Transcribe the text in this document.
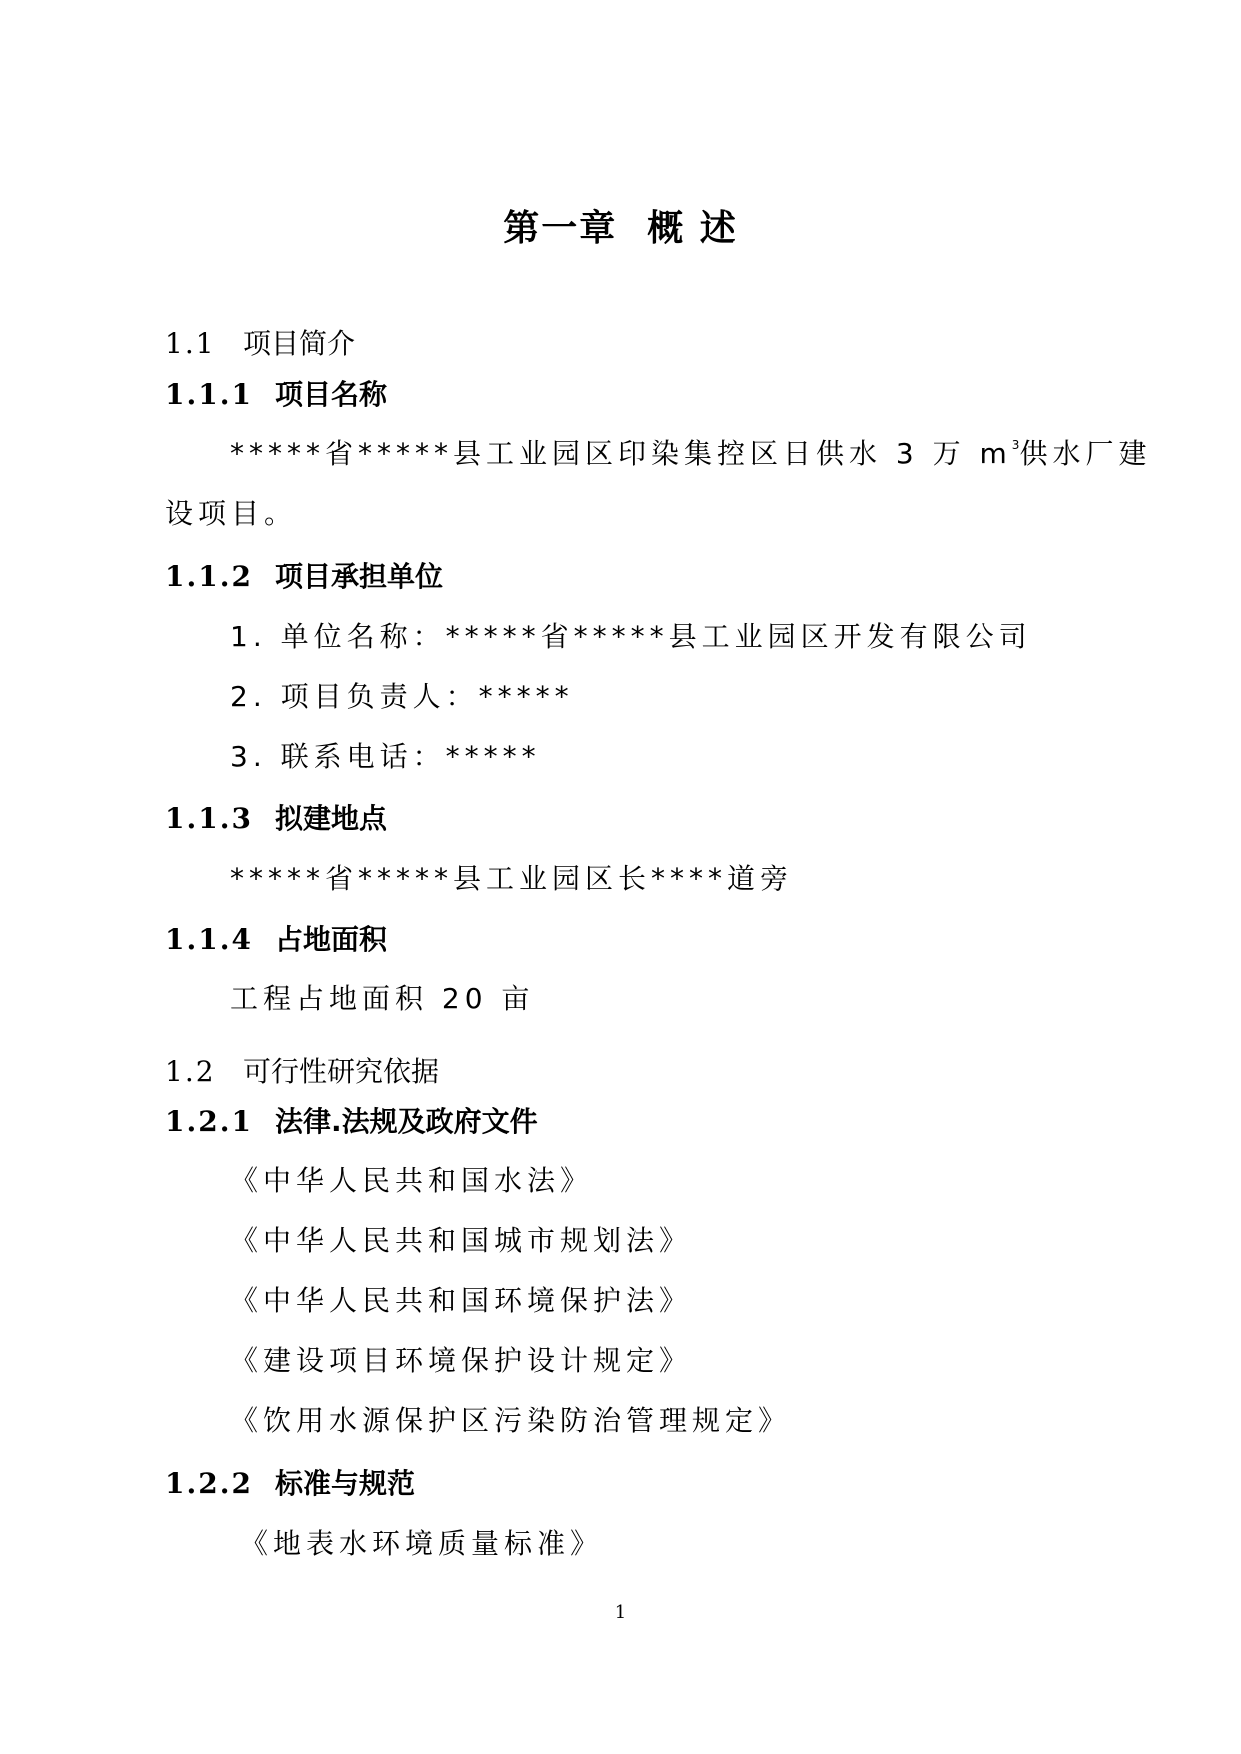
第一章 概 述
1.1 项目简介
1.1.1 项目名称
*****省*****县工业园区印染集控区日供水 3 万 $m^3$供水厂建
设项目。
1.1.2 项目承担单位
1. 单位名称：*****省*****县工业园区开发有限公司
2. 项目负责人：*****
3. 联系电话：*****
1.1.3 拟建地点
*****省*****县工业园区长****道旁
1.1.4 占地面积
工程占地面积 20 亩
1.2 可行性研究依据
1.2.1 法律.法规及政府文件
《中华人民共和国水法》
《中华人民共和国城市规划法》
《中华人民共和国环境保护法》
《建设项目环境保护设计规定》
《饮用水源保护区污染防治管理规定》
1.2.2 标准与规范
《地表水环境质量标准》
1
